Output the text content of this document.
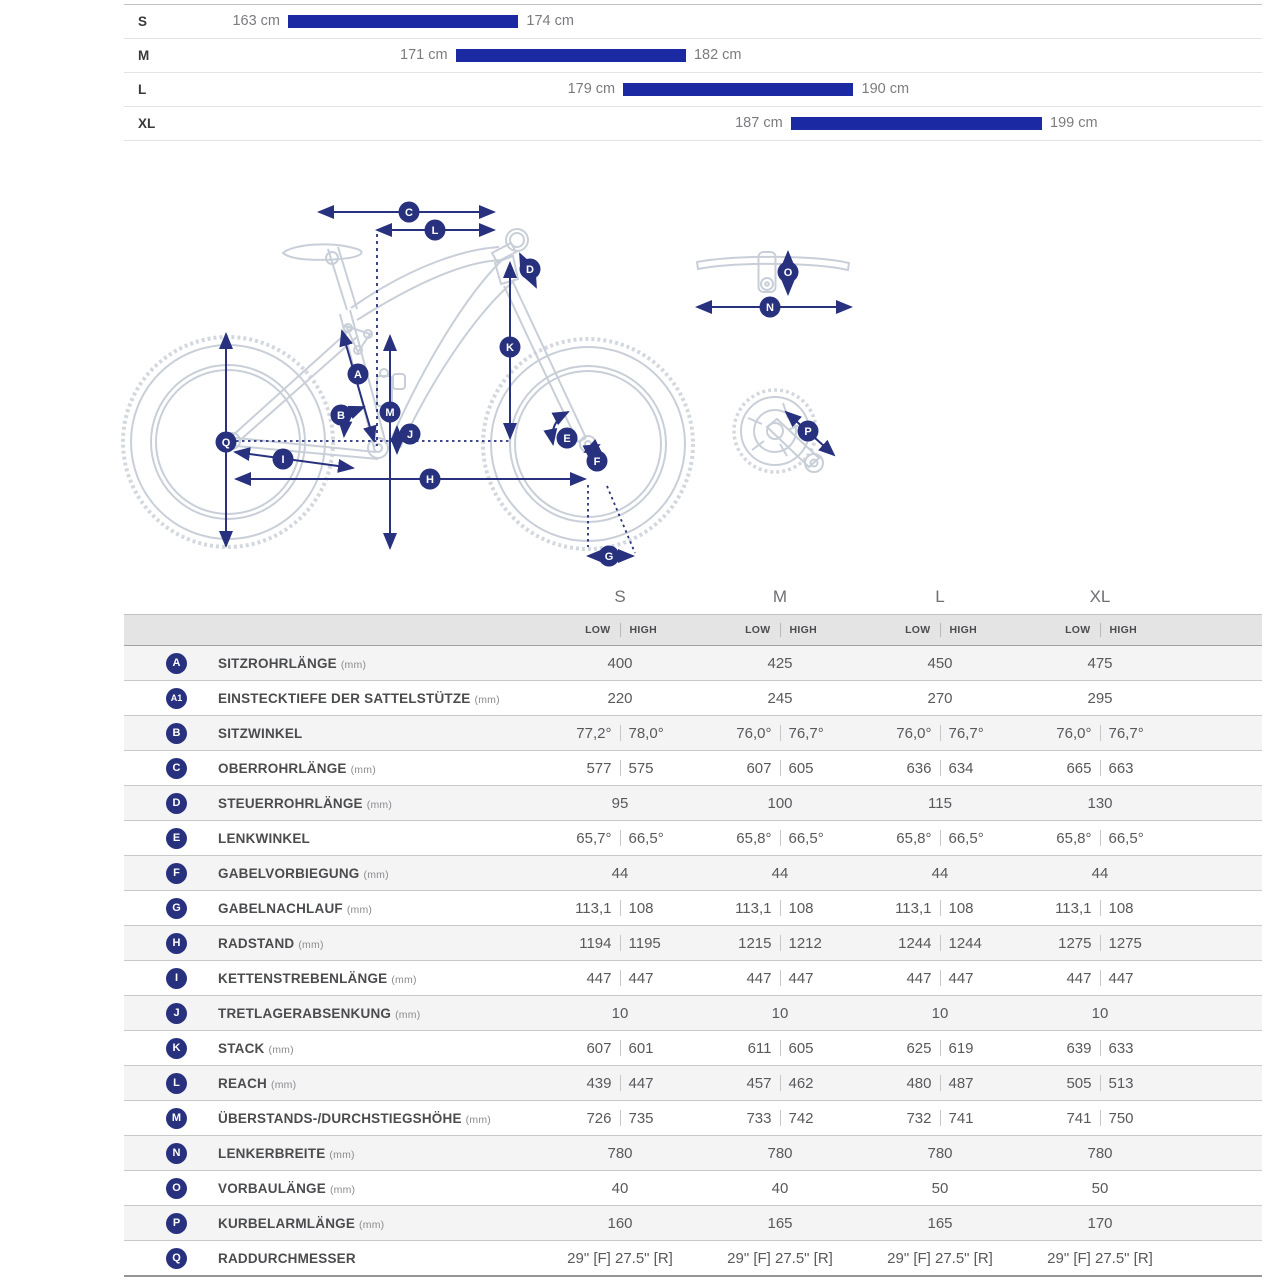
S	163 cm	174 cm
M	171 cm	182 cm
L	179 cm	190 cm
XL	187 cm	199 cm
A
B
C
D
E
F
G
H
I
J
K
L
M
N
O
P
Q
S	M	L	XL
LOW HIGH	LOW HIGH	LOW HIGH	LOW HIGH
A	SITZROHRLÄNGE (mm)	400	425	450	475
A1	EINSTECKTIEFE DER SATTELSTÜTZE (mm)	220	245	270	295
B	SITZWINKEL	77,2° 78,0°	76,0° 76,7°	76,0° 76,7°	76,0° 76,7°
C	OBERROHRLÄNGE (mm)	577 575	607 605	636 634	665 663
D	STEUERROHRLÄNGE (mm)	95	100	115	130
E	LENKWINKEL	65,7° 66,5°	65,8° 66,5°	65,8° 66,5°	65,8° 66,5°
F	GABELVORBIEGUNG (mm)	44	44	44	44
G	GABELNACHLAUF (mm)	113,1 108	113,1 108	113,1 108	113,1 108
H	RADSTAND (mm)	1194 1195	1215 1212	1244 1244	1275 1275
I	KETTENSTREBENLÄNGE (mm)	447 447	447 447	447 447	447 447
J	TRETLAGERABSENKUNG (mm)	10	10	10	10
K	STACK (mm)	607 601	611 605	625 619	639 633
L	REACH (mm)	439 447	457 462	480 487	505 513
M	ÜBERSTANDS-/DURCHSTIEGSHÖHE (mm)	726 735	733 742	732 741	741 750
N	LENKERBREITE (mm)	780	780	780	780
O	VORBAULÄNGE (mm)	40	40	50	50
P	KURBELARMLÄNGE (mm)	160	165	165	170
Q	RADDURCHMESSER	29" [F] 27.5" [R]	29" [F] 27.5" [R]	29" [F] 27.5" [R]	29" [F] 27.5" [R]
